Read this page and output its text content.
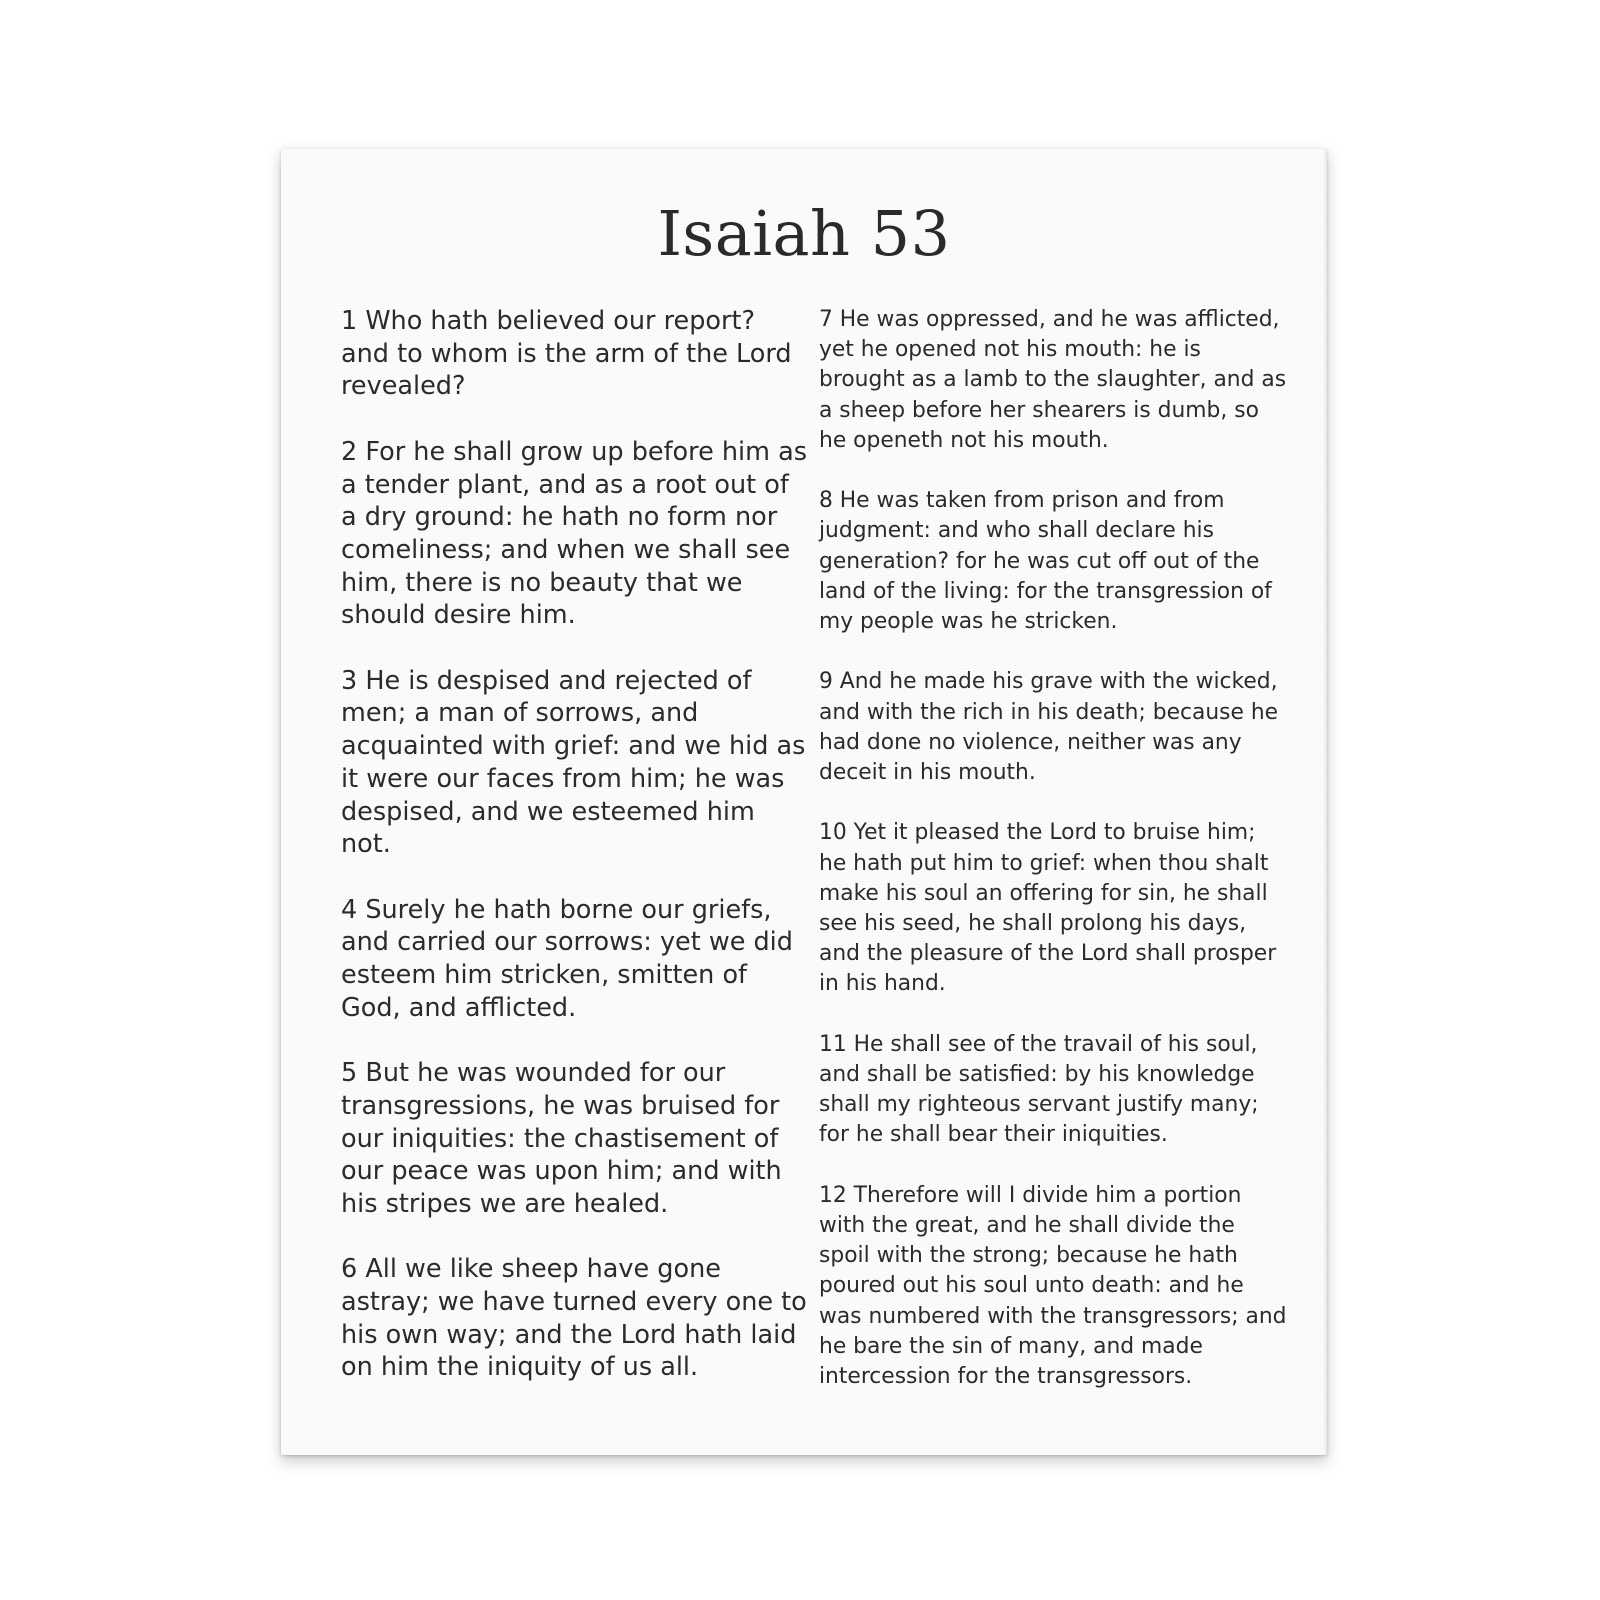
Isaiah 53

1 Who hath believed our report? and to whom is the arm of the Lord revealed?

2 For he shall grow up before him as a tender plant, and as a root out of a dry ground: he hath no form nor comeliness; and when we shall see him, there is no beauty that we should desire him.

3 He is despised and rejected of men; a man of sorrows, and acquainted with grief: and we hid as it were our faces from him; he was despised, and we esteemed him not.

4 Surely he hath borne our griefs, and carried our sorrows: yet we did esteem him stricken, smitten of God, and afflicted.

5 But he was wounded for our transgressions, he was bruised for our iniquities: the chastisement of our peace was upon him; and with his stripes we are healed.

6 All we like sheep have gone astray; we have turned every one to his own way; and the Lord hath laid on him the iniquity of us all.

7 He was oppressed, and he was afflicted, yet he opened not his mouth: he is brought as a lamb to the slaughter, and as a sheep before her shearers is dumb, so he openeth not his mouth.

8 He was taken from prison and from judgment: and who shall declare his generation? for he was cut off out of the land of the living: for the transgression of my people was he stricken.

9 And he made his grave with the wicked, and with the rich in his death; because he had done no violence, neither was any deceit in his mouth.

10 Yet it pleased the Lord to bruise him; he hath put him to grief: when thou shalt make his soul an offering for sin, he shall see his seed, he shall prolong his days, and the pleasure of the Lord shall prosper in his hand.

11 He shall see of the travail of his soul, and shall be satisfied: by his knowledge shall my righteous servant justify many; for he shall bear their iniquities.

12 Therefore will I divide him a portion with the great, and he shall divide the spoil with the strong; because he hath poured out his soul unto death: and he was numbered with the transgressors; and he bare the sin of many, and made intercession for the transgressors.
